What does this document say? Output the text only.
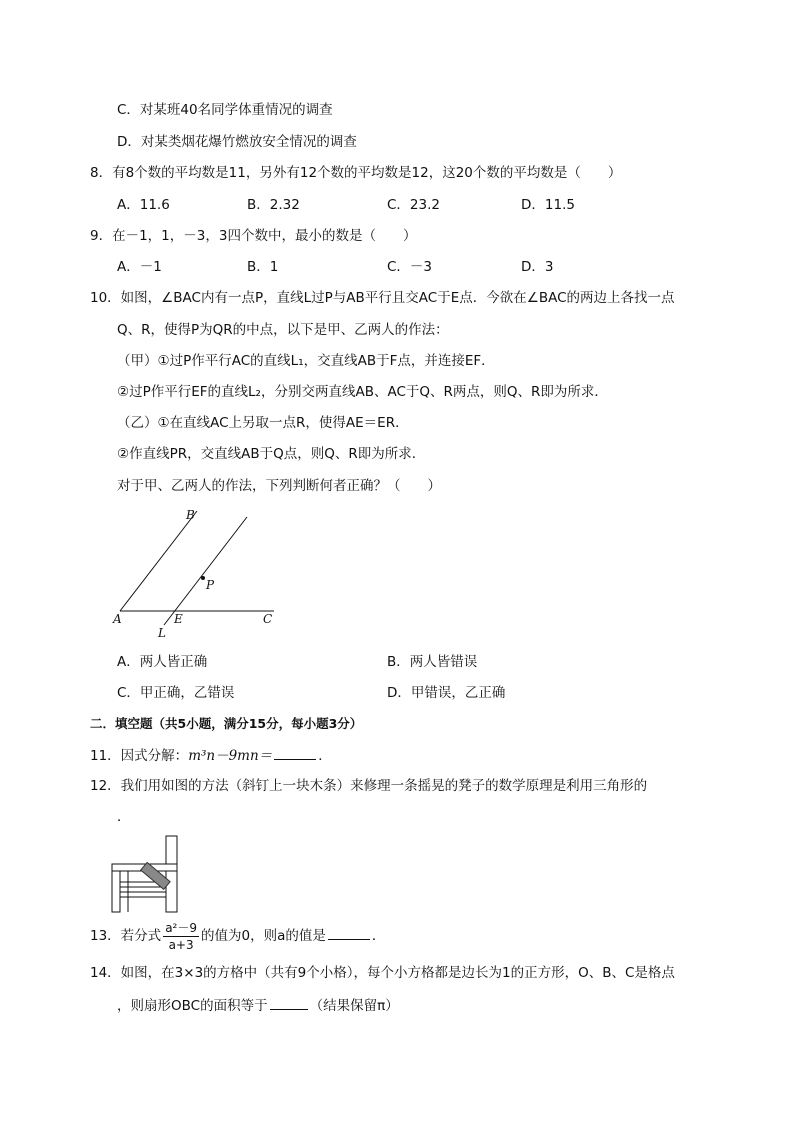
C．对某班40名同学体重情况的调查
D．对某类烟花爆竹燃放安全情况的调查
8．有8个数的平均数是11，另外有12个数的平均数是12，这20个数的平均数是（　　）
A．11.6	B．2.32	C．23.2	D．11.5
9．在－1，1，－3，3四个数中，最小的数是（　　）
A．－1	B．1	C．－3	D．3
10．如图，∠BAC内有一点P，直线L过P与AB平行且交AC于E点．今欲在∠BAC的两边上各找一点
Q、R，使得P为QR的中点，以下是甲、乙两人的作法：
（甲）①过P作平行AC的直线L₁，交直线AB于F点，并连接EF．
②过P作平行EF的直线L₂，分别交两直线AB、AC于Q、R两点，则Q、R即为所求．
（乙）①在直线AC上另取一点R，使得AE＝ER．
②作直线PR，交直线AB于Q点，则Q、R即为所求．
对于甲、乙两人的作法，下列判断何者正确？（　　）
B
P
A	E	C
L
A．两人皆正确	B．两人皆错误
C．甲正确，乙错误	D．甲错误，乙正确
二．填空题（共5小题，满分15分，每小题3分）
11．因式分解：m³n－9mn＝	．
12．我们用如图的方法（斜钉上一块木条）来修理一条摇晃的凳子的数学原理是利用三角形的
．
13．若分式 $\frac{\text{a²－9}}{a+3}$ 的值为0，则a的值是	．
14．如图，在3×3的方格中（共有9个小格），每个小方格都是边长为1的正方形，O、B、C是格点
，则扇形OBC的面积等于	（结果保留π）
